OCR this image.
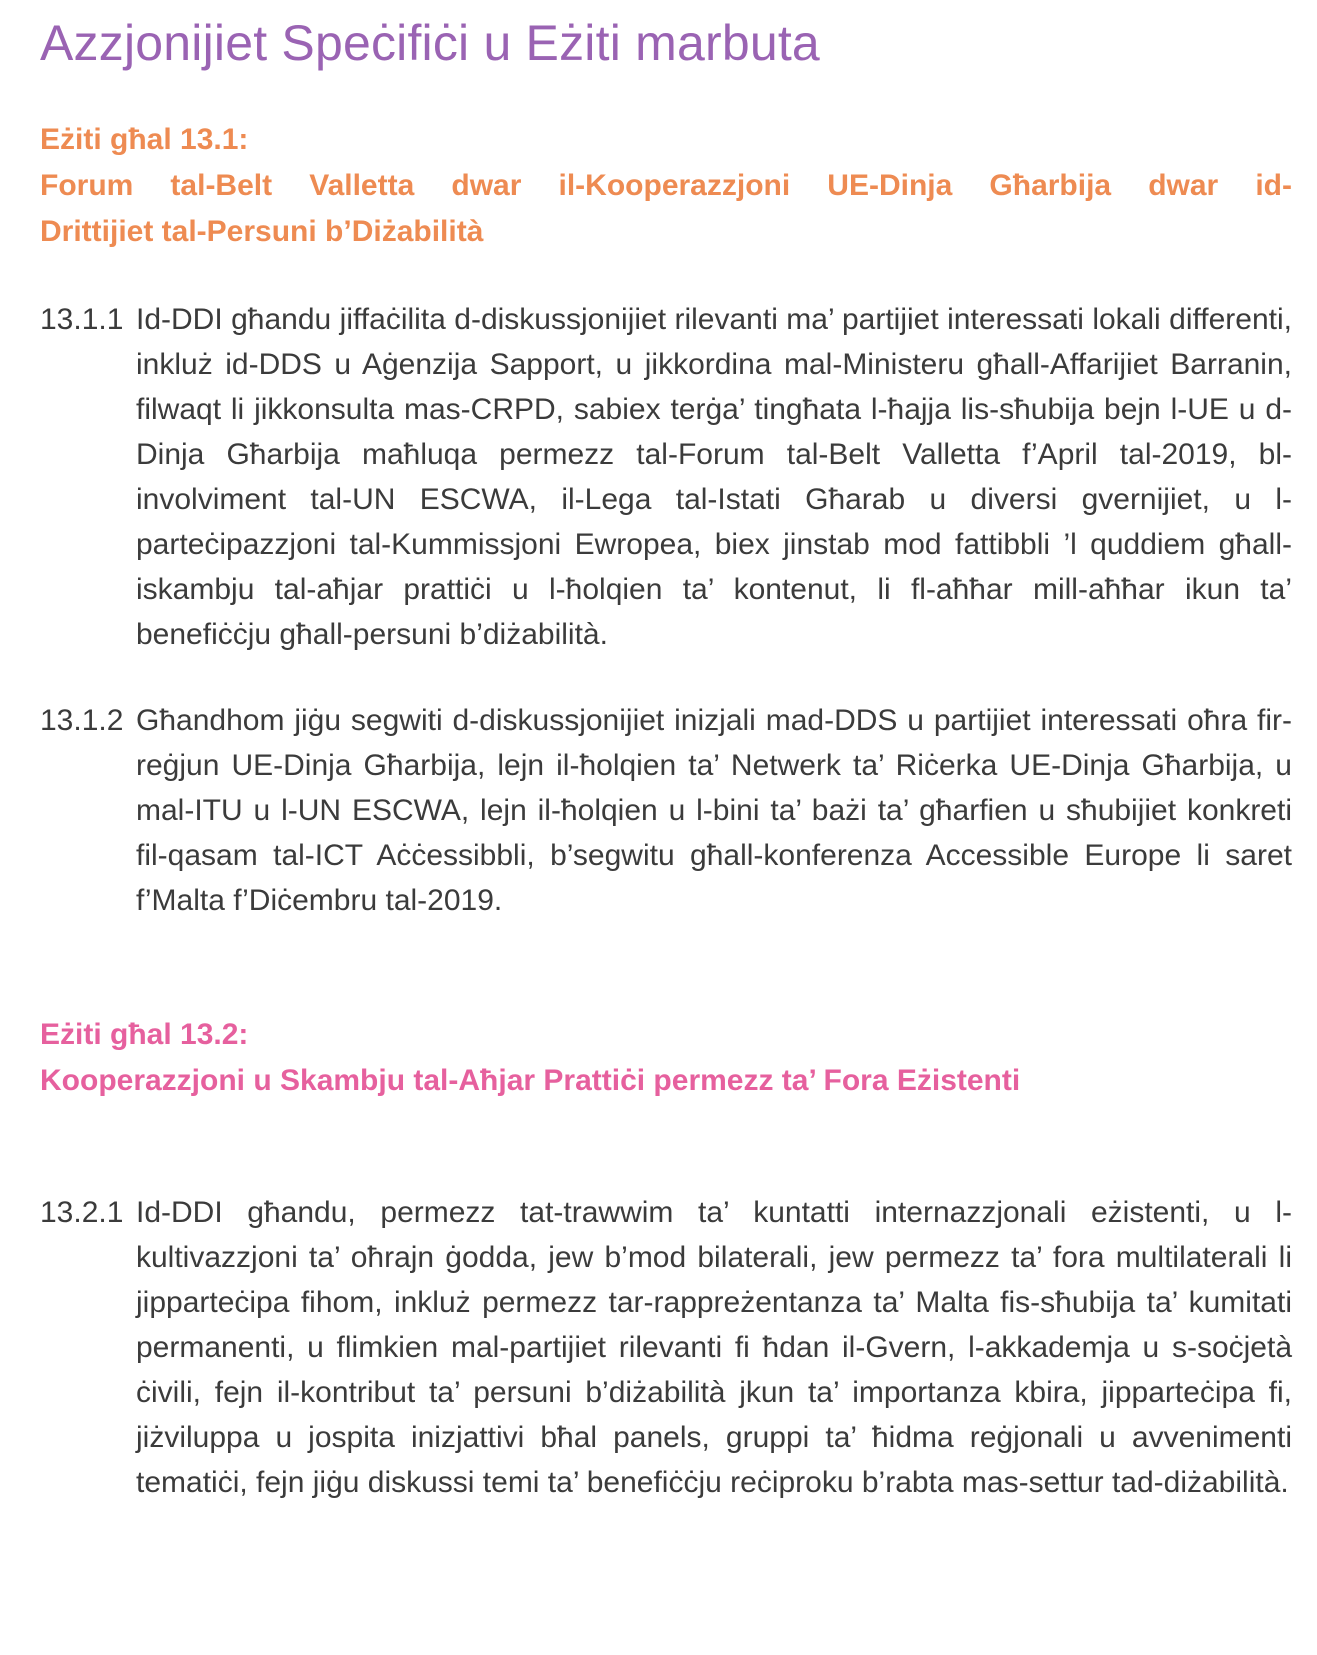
Azzjonijiet Speċifiċi u Eżiti marbuta
Eżiti għal 13.1:
Forum tal-Belt Valletta dwar il-Kooperazzjoni UE-Dinja Għarbija dwar id-
Drittijiet tal-Persuni b’Diżabilità
13.1.1 Id-DDI għandu jiffaċilita d-diskussjonijiet rilevanti ma’ partijiet interessati lokali differenti, inkluż id-DDS u Aġenzija Sapport, u jikkordina mal-Ministeru għall-Affarijiet Barranin, filwaqt li jikkonsulta mas-CRPD, sabiex terġa’ tingħata l-ħajja lis-sħubija bejn l-UE u d-Dinja Għarbija maħluqa permezz tal-Forum tal-Belt Valletta f’April tal-2019, bl-involviment tal-UN ESCWA, il-Lega tal-Istati Għarab u diversi gvernijiet, u l-parteċipazzjoni tal-Kummissjoni Ewropea, biex jinstab mod fattibbli ’l quddiem għall-iskambju tal-aħjar prattiċi u l-ħolqien ta’ kontenut, li fl-aħħar mill-aħħar ikun ta’ benefiċċju għall-persuni b’diżabilità.

13.1.2 Għandhom jiġu segwiti d-diskussjonijiet inizjali mad-DDS u partijiet interessati oħra fir-reġjun UE-Dinja Għarbija, lejn il-ħolqien ta’ Netwerk ta’ Riċerka UE-Dinja Għarbija, u mal-ITU u l-UN ESCWA, lejn il-ħolqien u l-bini ta’ bażi ta’ għarfien u sħubijiet konkreti fil-qasam tal-ICT Aċċessibbli, b’segwitu għall-konferenza Accessible Europe li saret f’Malta f’Diċembru tal-2019.

Eżiti għal 13.2:
Kooperazzjoni u Skambju tal-Aħjar Prattiċi permezz ta’ Fora Eżistenti
13.2.1 Id-DDI għandu, permezz tat-trawwim ta’ kuntatti internazzjonali eżistenti, u l-kultivazzjoni ta’ oħrajn ġodda, jew b’mod bilaterali, jew permezz ta’ fora multilaterali li jipparteċipa fihom, inkluż permezz tar-rappreżentanza ta’ Malta fis-sħubija ta’ kumitati permanenti, u flimkien mal-partijiet rilevanti fi ħdan il-Gvern, l-akkademja u s-soċjetà ċivili, fejn il-kontribut ta’ persuni b’diżabilità jkun ta’ importanza kbira, jipparteċipa fi, jiżviluppa u jospita inizjattivi bħal panels, gruppi ta’ ħidma reġjonali u avvenimenti tematiċi, fejn jiġu diskussi temi ta’ benefiċċju reċiproku b’rabta mas-settur tad-diżabilità.
